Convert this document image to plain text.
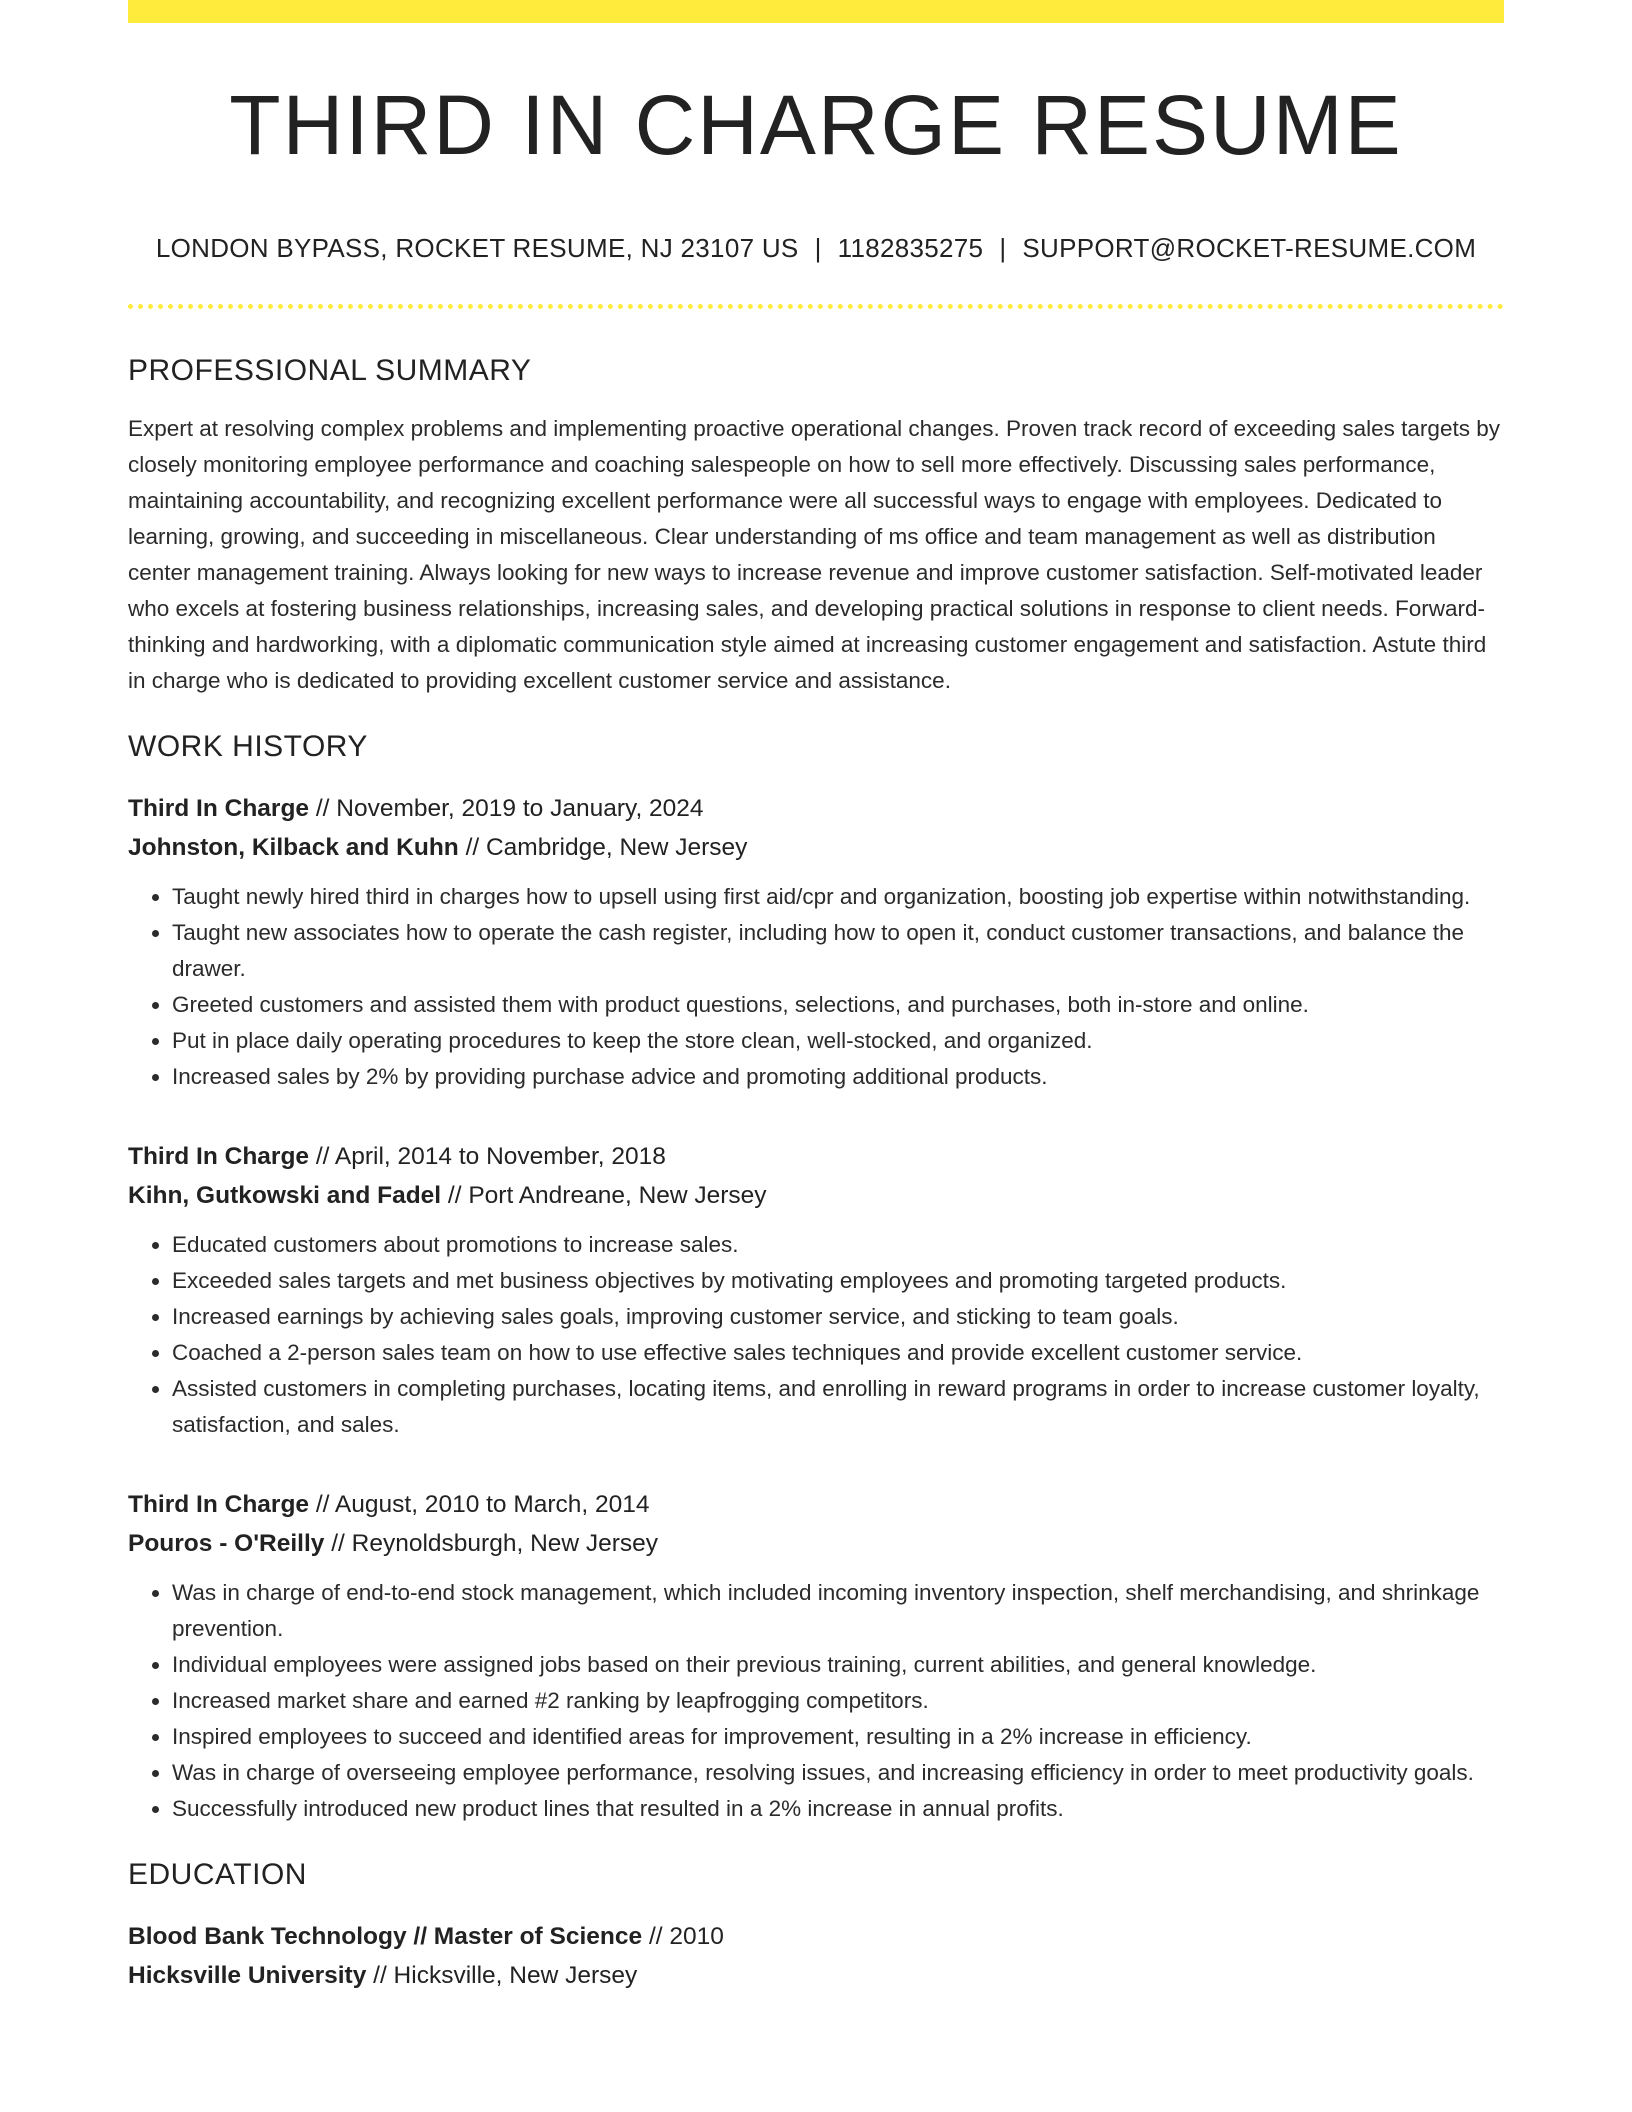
THIRD IN CHARGE RESUME
LONDON BYPASS, ROCKET RESUME, NJ 23107 US | 1182835275 | SUPPORT@ROCKET-RESUME.COM
PROFESSIONAL SUMMARY
Expert at resolving complex problems and implementing proactive operational changes. Proven track record of exceeding sales targets by closely monitoring employee performance and coaching salespeople on how to sell more effectively. Discussing sales performance, maintaining accountability, and recognizing excellent performance were all successful ways to engage with employees. Dedicated to learning, growing, and succeeding in miscellaneous. Clear understanding of ms office and team management as well as distribution center management training. Always looking for new ways to increase revenue and improve customer satisfaction. Self-motivated leader who excels at fostering business relationships, increasing sales, and developing practical solutions in response to client needs. Forward-thinking and hardworking, with a diplomatic communication style aimed at increasing customer engagement and satisfaction. Astute third in charge who is dedicated to providing excellent customer service and assistance.
WORK HISTORY
Third In Charge // November, 2019 to January, 2024
Johnston, Kilback and Kuhn // Cambridge, New Jersey
• Taught newly hired third in charges how to upsell using first aid/cpr and organization, boosting job expertise within notwithstanding.
• Taught new associates how to operate the cash register, including how to open it, conduct customer transactions, and balance the drawer.
• Greeted customers and assisted them with product questions, selections, and purchases, both in-store and online.
• Put in place daily operating procedures to keep the store clean, well-stocked, and organized.
• Increased sales by 2% by providing purchase advice and promoting additional products.
Third In Charge // April, 2014 to November, 2018
Kihn, Gutkowski and Fadel // Port Andreane, New Jersey
• Educated customers about promotions to increase sales.
• Exceeded sales targets and met business objectives by motivating employees and promoting targeted products.
• Increased earnings by achieving sales goals, improving customer service, and sticking to team goals.
• Coached a 2-person sales team on how to use effective sales techniques and provide excellent customer service.
• Assisted customers in completing purchases, locating items, and enrolling in reward programs in order to increase customer loyalty, satisfaction, and sales.
Third In Charge // August, 2010 to March, 2014
Pouros - O'Reilly // Reynoldsburgh, New Jersey
• Was in charge of end-to-end stock management, which included incoming inventory inspection, shelf merchandising, and shrinkage prevention.
• Individual employees were assigned jobs based on their previous training, current abilities, and general knowledge.
• Increased market share and earned #2 ranking by leapfrogging competitors.
• Inspired employees to succeed and identified areas for improvement, resulting in a 2% increase in efficiency.
• Was in charge of overseeing employee performance, resolving issues, and increasing efficiency in order to meet productivity goals.
• Successfully introduced new product lines that resulted in a 2% increase in annual profits.
EDUCATION
Blood Bank Technology // Master of Science // 2010
Hicksville University // Hicksville, New Jersey
